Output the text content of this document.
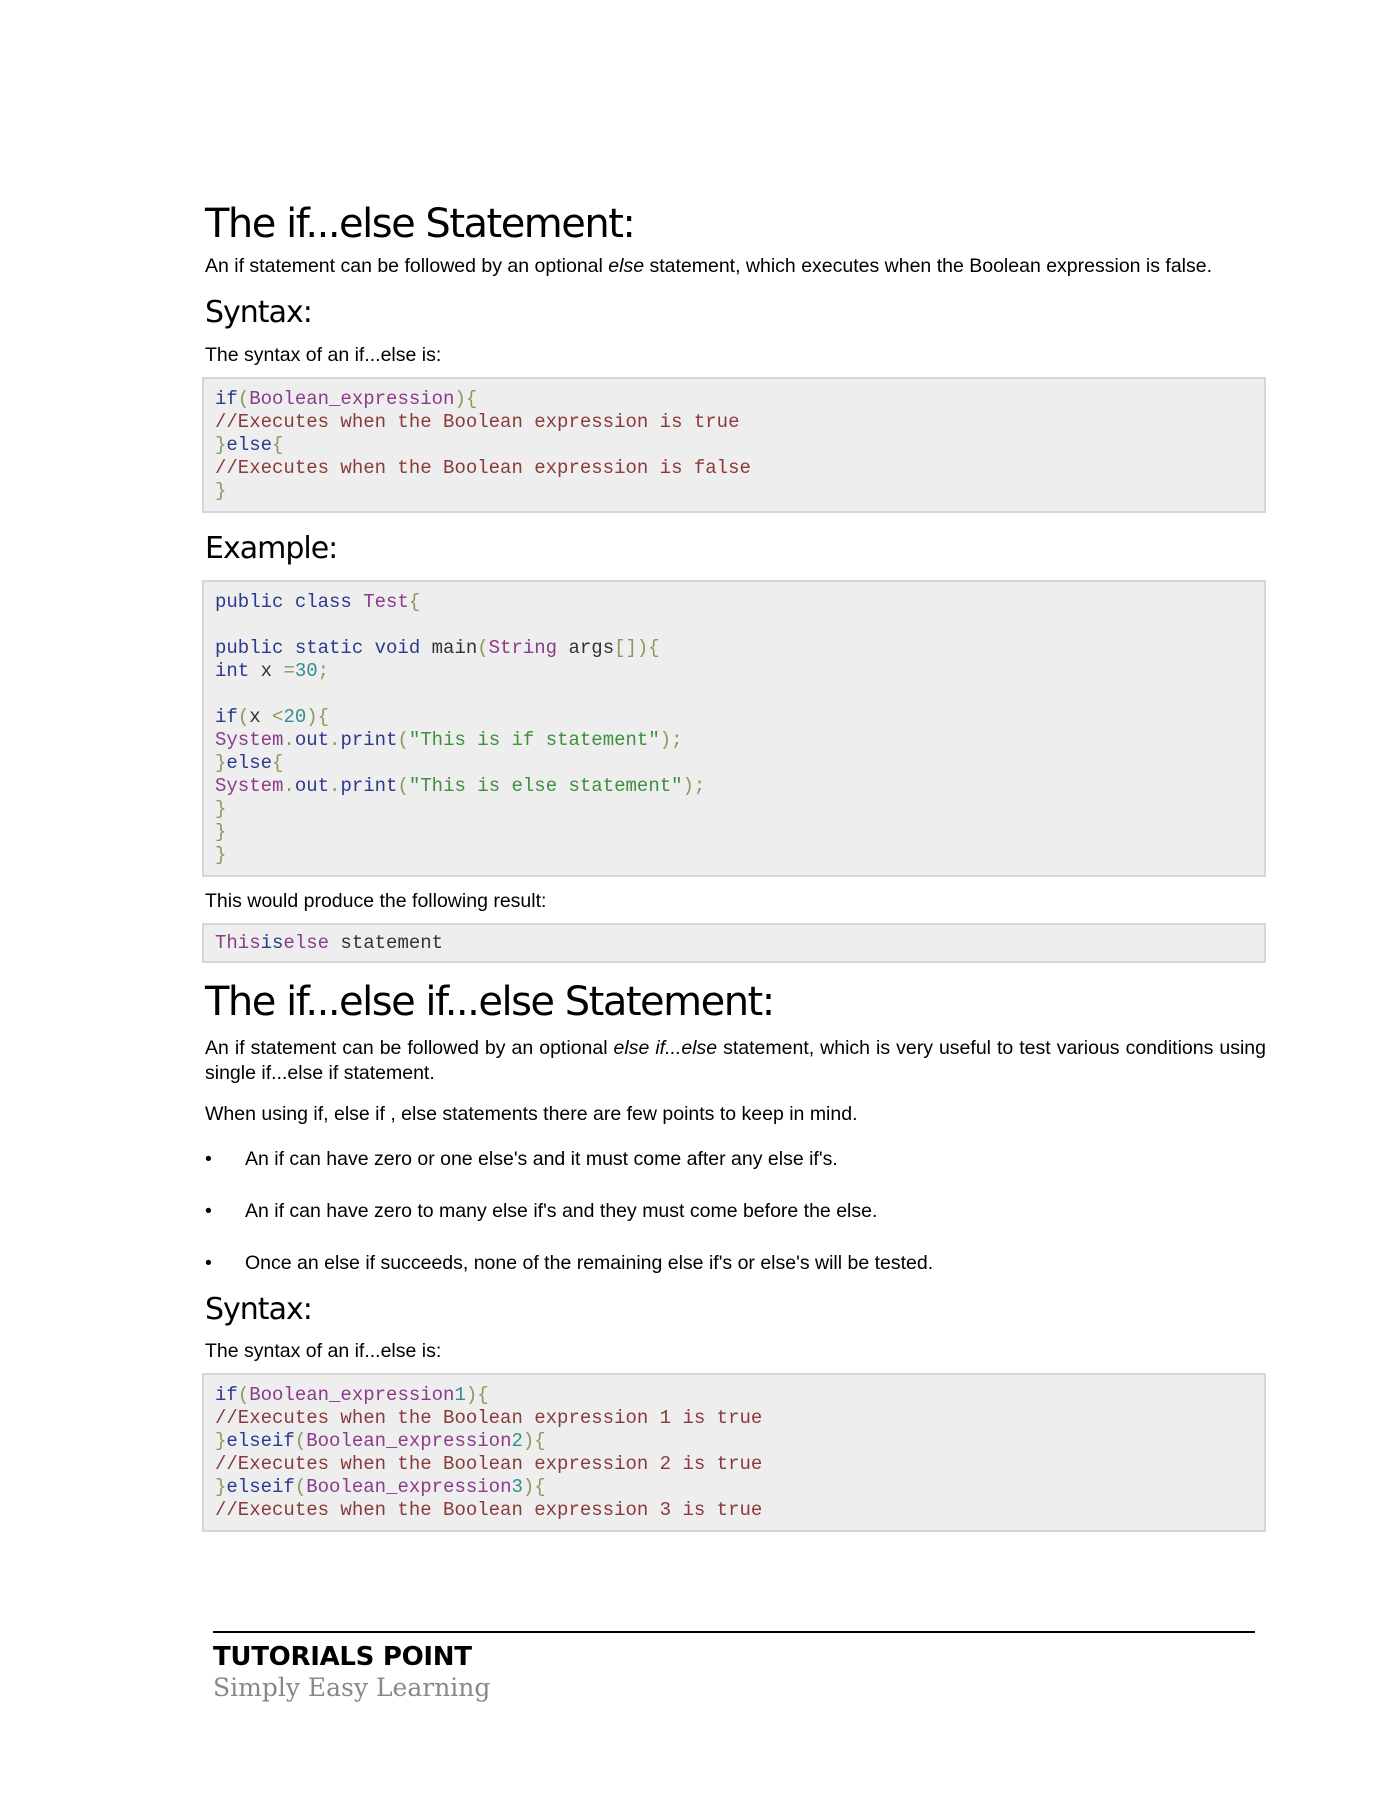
The if...else Statement:

An if statement can be followed by an optional else statement, which executes when the Boolean expression is false.

Syntax:

The syntax of an if...else is:

if(Boolean_expression){
//Executes when the Boolean expression is true
}else{
//Executes when the Boolean expression is false
}
Example:
public class Test{
public static void main(String args[]){
int x =30;
if(x <20){
System.out.print("This is if statement");
}else{
System.out.print("This is else statement");
}
}
}

This would produce the following result:

Thisiselse statement
The if...else if...else Statement:

An if statement can be followed by an optional else if...else statement, which is very useful to test various conditions using single if...else if statement.

When using if, else if , else statements there are few points to keep in mind.

• An if can have zero or one else's and it must come after any else if's.
• An if can have zero to many else if's and they must come before the else.
• Once an else if succeeds, none of the remaining else if's or else's will be tested.
Syntax:

The syntax of an if...else is:

if(Boolean_expression1){
//Executes when the Boolean expression 1 is true
}elseif(Boolean_expression2){
//Executes when the Boolean expression 2 is true
}elseif(Boolean_expression3){
//Executes when the Boolean expression 3 is true
TUTORIALS POINT
Simply Easy Learning
